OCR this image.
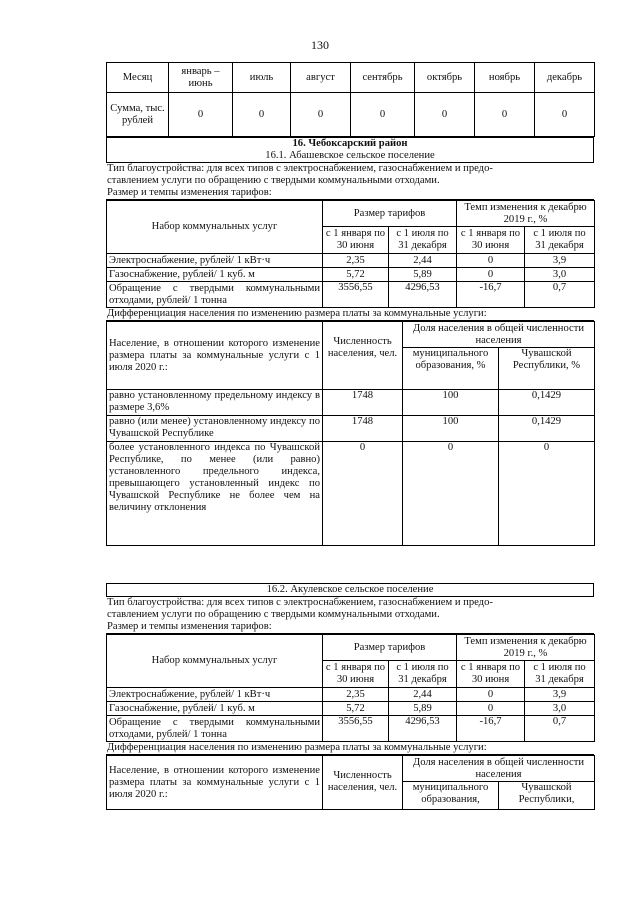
130
Месяц	январь – июнь	июль	август	сентябрь	октябрь	ноябрь	декабрь
Сумма, тыс. рублей	0	0	0	0	0	0	0
16. Чебоксарский район
16.1. Абашевское сельское поселение
Тип благоустройства: для всех типов с электроснабжением, газоснабжением и предо-
ставлением услуги по обращению с твердыми коммунальными отходами.
Размер и темпы изменения тарифов:
Набор коммунальных услуг	Размер тарифов		Темп изменения к декабрю 2019 г., %	
	с 1 января по 30 июня	с 1 июля по 31 декабря	с 1 января по 30 июня	с 1 июля по 31 декабря
Электроснабжение, рублей/ 1 кВт·ч	2,35	2,44	0	3,9
Газоснабжение, рублей/ 1 куб. м	5,72	5,89	0	3,0
Обращение с твердыми коммунальными отходами, рублей/ 1 тонна	3556,55	4296,53	-16,7	0,7
Дифференциация населения по изменению размера платы за коммунальные услуги:
Население, в отношении которого изменение размера платы за коммунальные услуги с 1 июля 2020 г.:	Численность населения, чел.	Доля населения в общей численности населения	
		муниципального образования, %	Чувашской Республики, %
равно установленному предельному индексу в размере 3,6%	1748	100	0,1429
равно (или менее) установленному индексу по Чувашской Республике	1748	100	0,1429
более установленного индекса по Чувашской Республике, по менее (или равно) установленного предельного индекса, превышающего установленный индекс по Чувашской Республике не более чем на величину отклонения	0	0	0
16.2. Акулевское сельское поселение
Тип благоустройства: для всех типов с электроснабжением, газоснабжением и предо-
ставлением услуги по обращению с твердыми коммунальными отходами.
Размер и темпы изменения тарифов:
Набор коммунальных услуг	Размер тарифов		Темп изменения к декабрю 2019 г., %	
	с 1 января по 30 июня	с 1 июля по 31 декабря	с 1 января по 30 июня	с 1 июля по 31 декабря
Электроснабжение, рублей/ 1 кВт·ч	2,35	2,44	0	3,9
Газоснабжение, рублей/ 1 куб. м	5,72	5,89	0	3,0
Обращение с твердыми коммунальными отходами, рублей/ 1 тонна	3556,55	4296,53	-16,7	0,7
Дифференциация населения по изменению размера платы за коммунальные услуги:
Население, в отношении которого изменение размера платы за коммунальные услуги с 1 июля 2020 г.:	Численность населения, чел.	Доля населения в общей численности населения	
		муниципального образования,	Чувашской Республики,
